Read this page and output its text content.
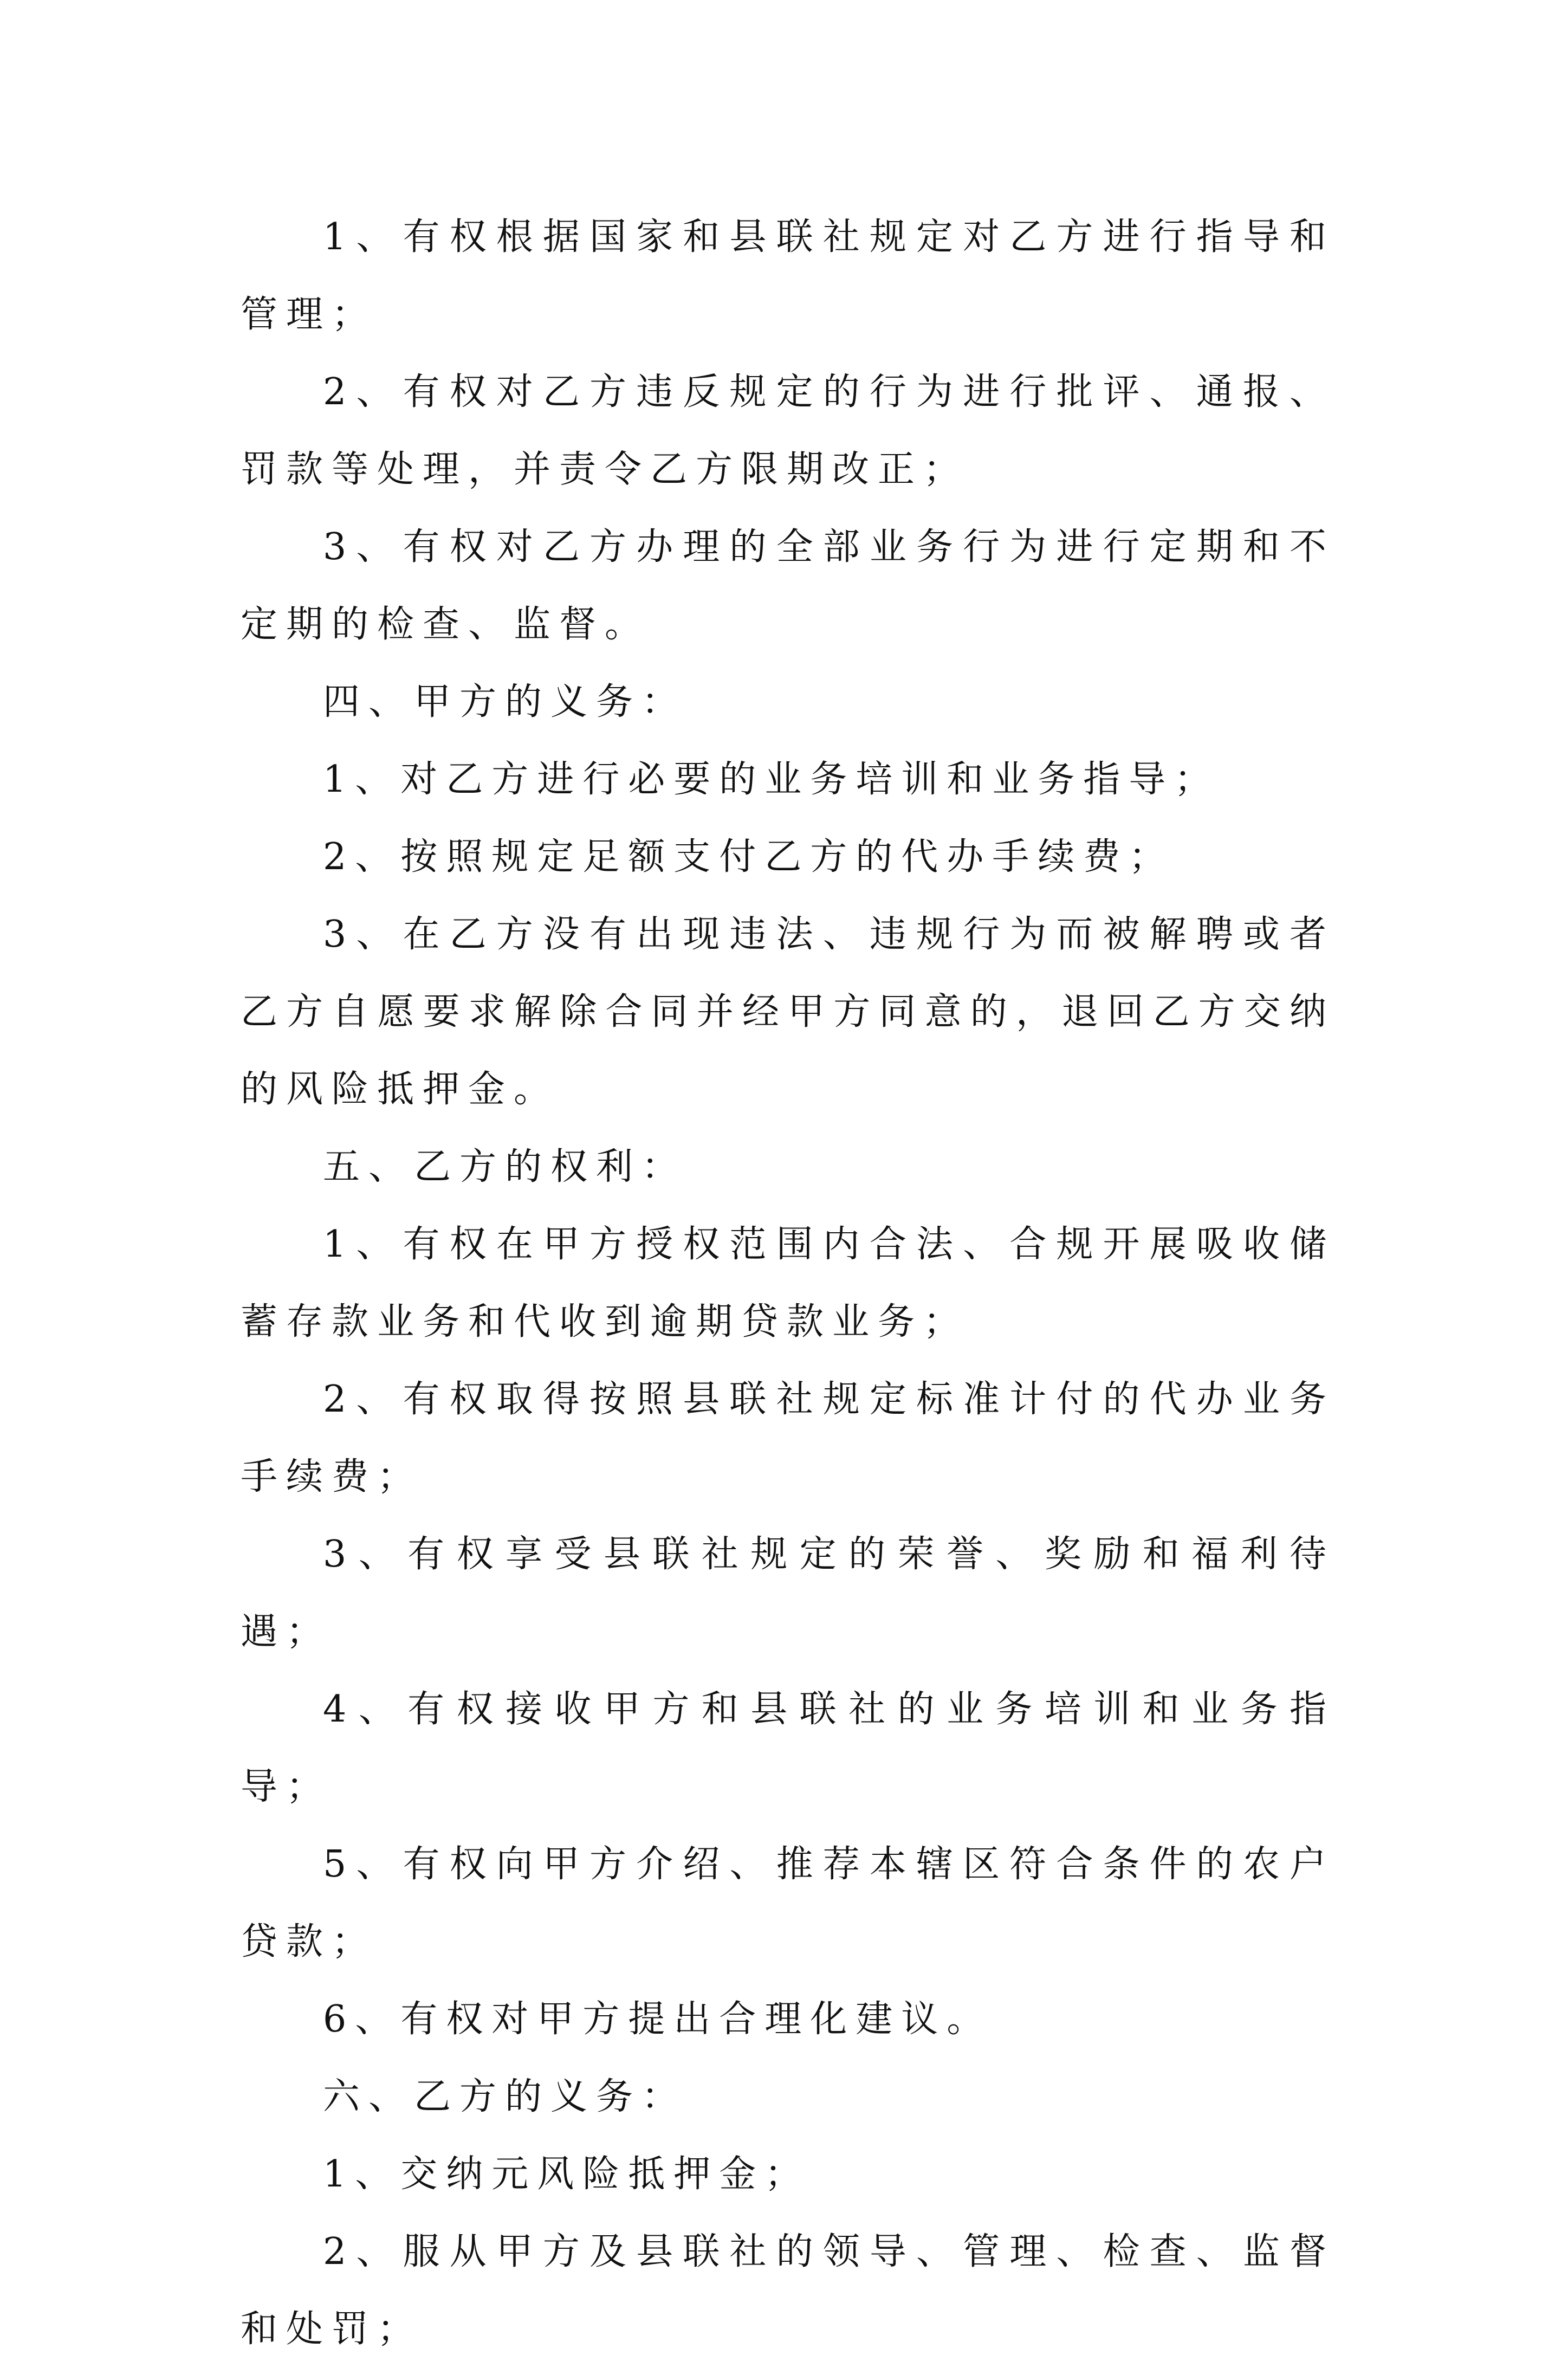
1、有权根据国家和县联社规定对乙方进行指导和管理；

2、有权对乙方违反规定的行为进行批评、通报、罚款等处理，并责令乙方限期改正；

3、有权对乙方办理的全部业务行为进行定期和不定期的检查、监督。

四、甲方的义务：

1、对乙方进行必要的业务培训和业务指导；

2、按照规定足额支付乙方的代办手续费；

3、在乙方没有出现违法、违规行为而被解聘或者乙方自愿要求解除合同并经甲方同意的，退回乙方交纳的风险抵押金。

五、乙方的权利：

1、有权在甲方授权范围内合法、合规开展吸收储蓄存款业务和代收到逾期贷款业务；

2、有权取得按照县联社规定标准计付的代办业务手续费；

3、有权享受县联社规定的荣誉、奖励和福利待遇；

4、有权接收甲方和县联社的业务培训和业务指导；

5、有权向甲方介绍、推荐本辖区符合条件的农户贷款；

6、有权对甲方提出合理化建议。

六、乙方的义务：

1、交纳元风险抵押金；

2、服从甲方及县联社的领导、管理、检查、监督和处罚；
